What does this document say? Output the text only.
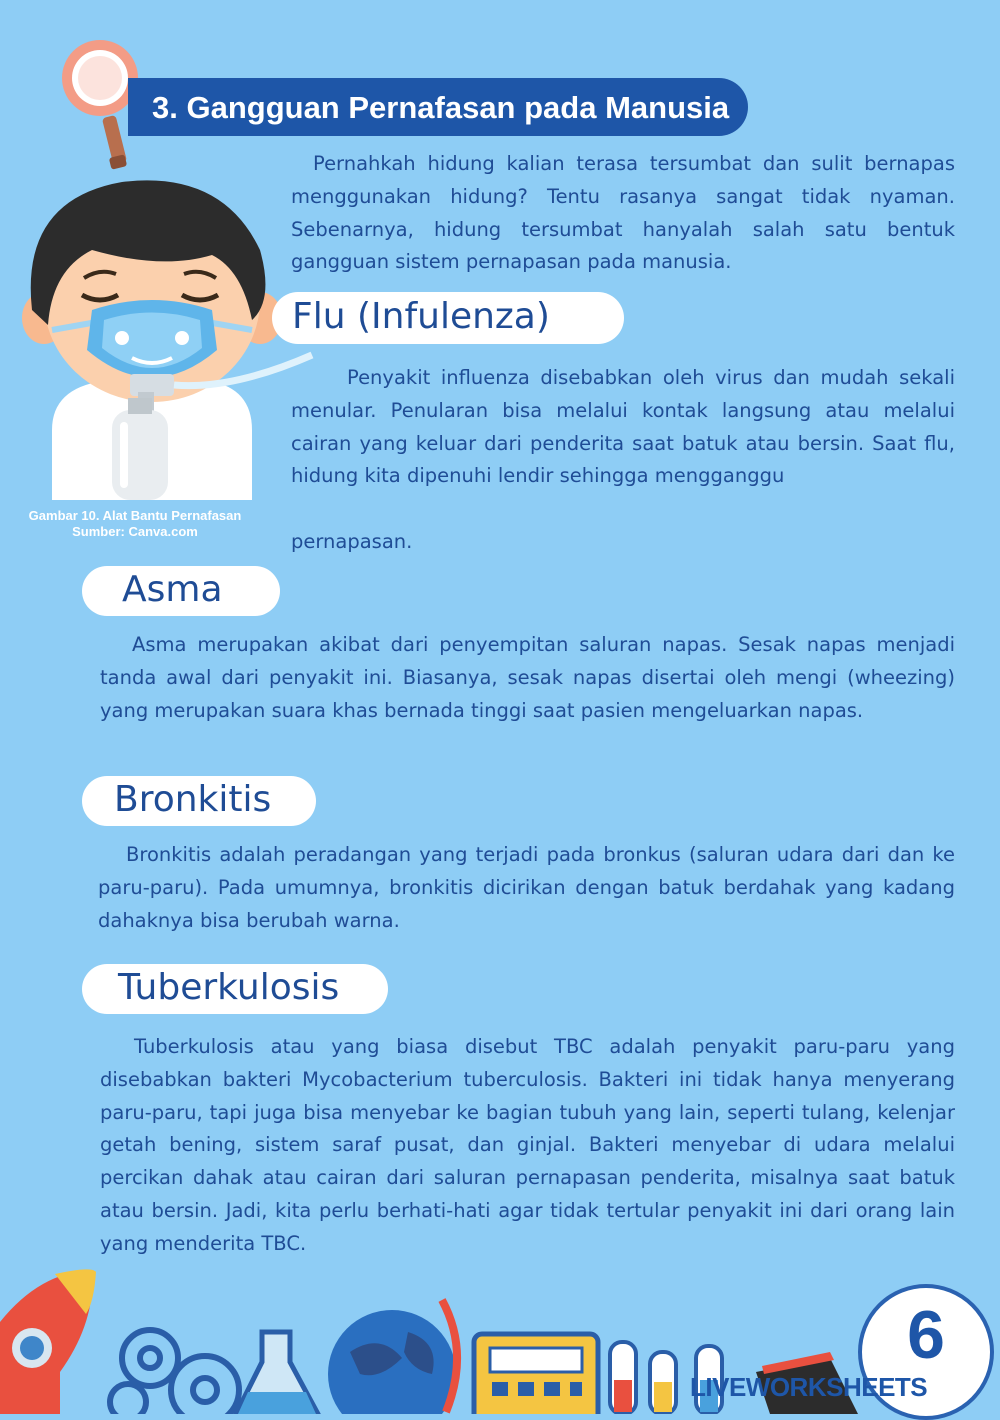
3. Gangguan Pernafasan pada Manusia

Pernahkah hidung kalian terasa tersumbat dan sulit bernapas menggunakan hidung? Tentu rasanya sangat tidak nyaman. Sebenarnya, hidung tersumbat hanyalah salah satu bentuk gangguan sistem pernapasan pada manusia.

Gambar 10. Alat Bantu Pernafasan
Sumber: Canva.com
Flu (Infulenza)

Penyakit influenza disebabkan oleh virus dan mudah sekali menular. Penularan bisa melalui kontak langsung atau melalui cairan yang keluar dari penderita saat batuk atau bersin. Saat flu, hidung kita dipenuhi lendir sehingga mengganggu

pernapasan.

Asma

Asma merupakan akibat dari penyempitan saluran napas. Sesak napas menjadi tanda awal dari penyakit ini. Biasanya, sesak napas disertai oleh mengi (wheezing) yang merupakan suara khas bernada tinggi saat pasien mengeluarkan napas.

Bronkitis

Bronkitis adalah peradangan yang terjadi pada bronkus (saluran udara dari dan ke paru-paru). Pada umumnya, bronkitis dicirikan dengan batuk berdahak yang kadang dahaknya bisa berubah warna.

Tuberkulosis

Tuberkulosis atau yang biasa disebut TBC adalah penyakit paru-paru yang disebabkan bakteri Mycobacterium tuberculosis. Bakteri ini tidak hanya menyerang paru-paru, tapi juga bisa menyebar ke bagian tubuh yang lain, seperti tulang, kelenjar getah bening, sistem saraf pusat, dan ginjal. Bakteri menyebar di udara melalui percikan dahak atau cairan dari saluran pernapasan penderita, misalnya saat batuk atau bersin. Jadi, kita perlu berhati-hati agar tidak tertular penyakit ini dari orang lain yang menderita TBC.

6
LIVEWORKSHEETS
